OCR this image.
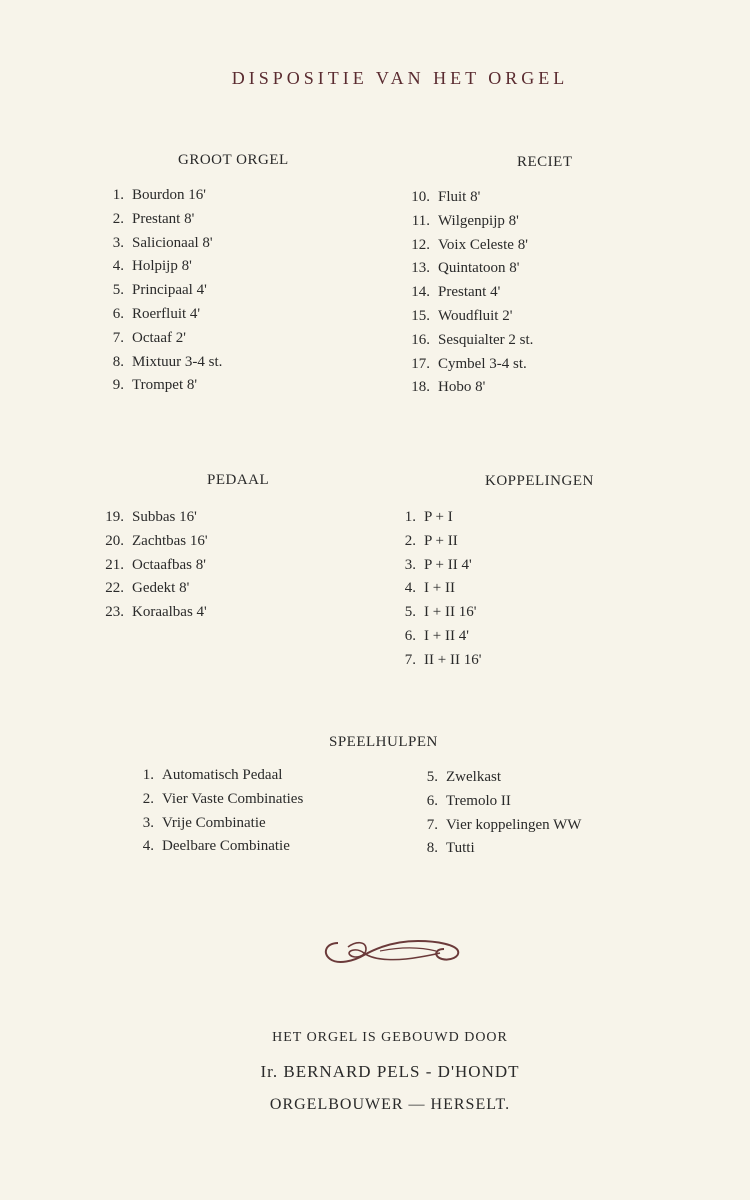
DISPOSITIE VAN HET ORGEL
GROOT ORGEL
1. Bourdon 16'
2. Prestant 8'
3. Salicionaal 8'
4. Holpijp 8'
5. Principaal 4'
6. Roerfluit 4'
7. Octaaf 2'
8. Mixtuur 3-4 st.
9. Trompet 8'
RECIET
10. Fluit 8'
11. Wilgenpijp 8'
12. Voix Celeste 8'
13. Quintatoon 8'
14. Prestant 4'
15. Woudfluit 2'
16. Sesquialter 2 st.
17. Cymbel 3-4 st.
18. Hobo 8'
PEDAAL
19. Subbas 16'
20. Zachtbas 16'
21. Octaafbas 8'
22. Gedekt 8'
23. Koraalbas 4'
KOPPELINGEN
1. P + I
2. P + II
3. P + II 4'
4. I + II
5. I + II 16'
6. I + II 4'
7. II + II 16'
SPEELHULPEN
1. Automatisch Pedaal
2. Vier Vaste Combinaties
3. Vrije Combinatie
4. Deelbare Combinatie
5. Zwelkast
6. Tremolo II
7. Vier koppelingen WW
8. Tutti
HET ORGEL IS GEBOUWD DOOR
Ir. BERNARD PELS - D'HONDT
ORGELBOUWER — HERSELT.
